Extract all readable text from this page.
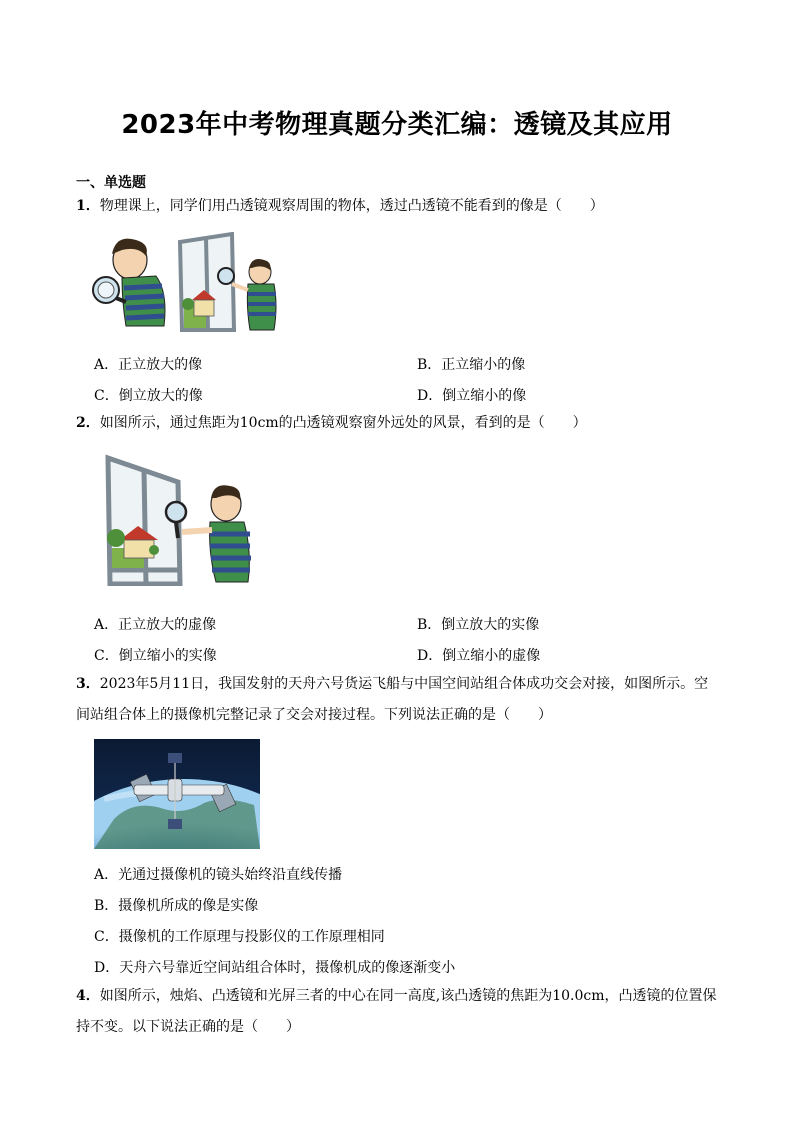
2023年中考物理真题分类汇编：透镜及其应用
一、单选题
1．物理课上，同学们用凸透镜观察周围的物体，透过凸透镜不能看到的像是（　　）
A．正立放大的像	B．正立缩小的像
C．倒立放大的像	D．倒立缩小的像
2．如图所示，通过焦距为10cm的凸透镜观察窗外远处的风景，看到的是（　　）
A．正立放大的虚像	B．倒立放大的实像
C．倒立缩小的实像	D．倒立缩小的虚像
3．2023年5月11日，我国发射的天舟六号货运飞船与中国空间站组合体成功交会对接，如图所示。空
间站组合体上的摄像机完整记录了交会对接过程。下列说法正确的是（　　）
A．光通过摄像机的镜头始终沿直线传播
B．摄像机所成的像是实像
C．摄像机的工作原理与投影仪的工作原理相同
D．天舟六号靠近空间站组合体时，摄像机成的像逐渐变小
4．如图所示，烛焰、凸透镜和光屏三者的中心在同一高度,该凸透镜的焦距为10.0cm，凸透镜的位置保
持不变。以下说法正确的是（　　）
